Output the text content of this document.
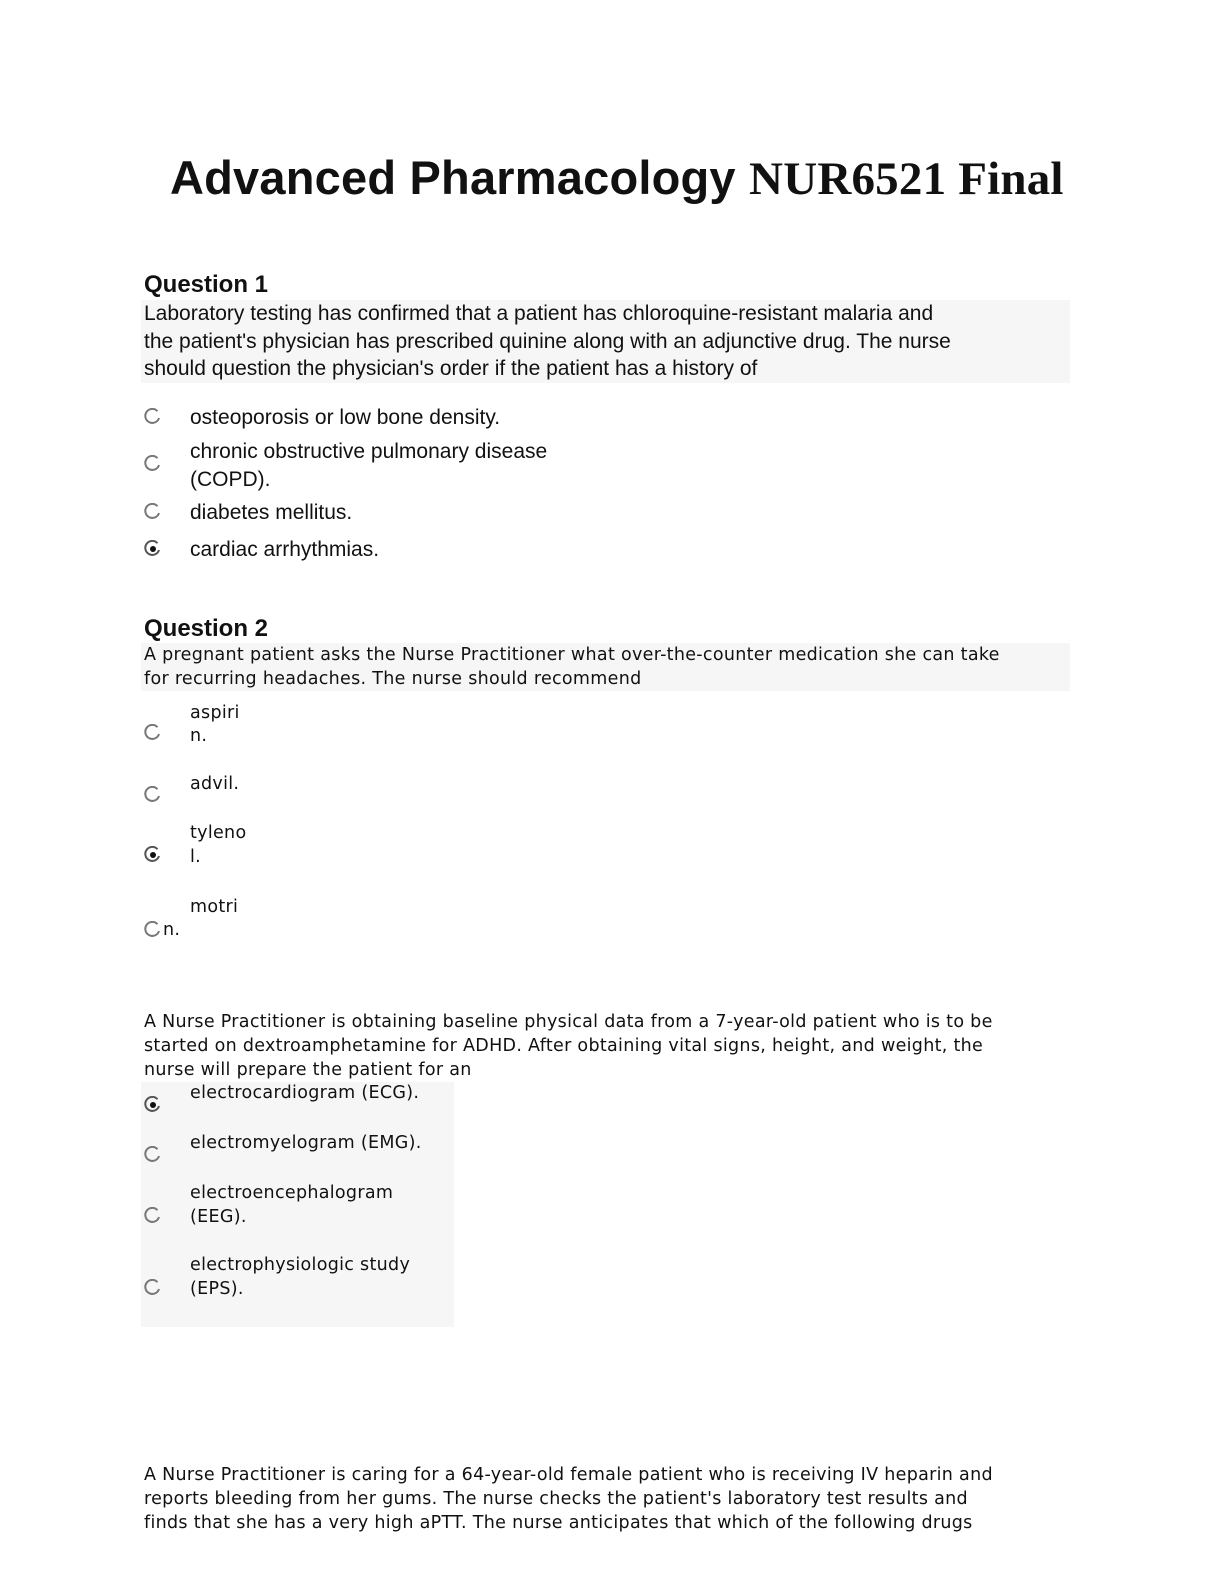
Advanced Pharmacology NUR6521 Final
Question 1
Laboratory testing has confirmed that a patient has chloroquine-resistant malaria and
the patient's physician has prescribed quinine along with an adjunctive drug. The nurse
should question the physician's order if the patient has a history of
osteoporosis or low bone density.
chronic obstructive pulmonary disease
(COPD).
diabetes mellitus.
cardiac arrhythmias.
Question 2
A pregnant patient asks the Nurse Practitioner what over-the-counter medication she can take
for recurring headaches. The nurse should recommend
aspiri
n.
advil.
tyleno
l.
motri
n.
A Nurse Practitioner is obtaining baseline physical data from a 7-year-old patient who is to be
started on dextroamphetamine for ADHD. After obtaining vital signs, height, and weight, the
nurse will prepare the patient for an
electrocardiogram (ECG).
electromyelogram (EMG).
electroencephalogram
(EEG).
electrophysiologic study
(EPS).
A Nurse Practitioner is caring for a 64-year-old female patient who is receiving IV heparin and
reports bleeding from her gums. The nurse checks the patient's laboratory test results and
finds that she has a very high aPTT. The nurse anticipates that which of the following drugs
